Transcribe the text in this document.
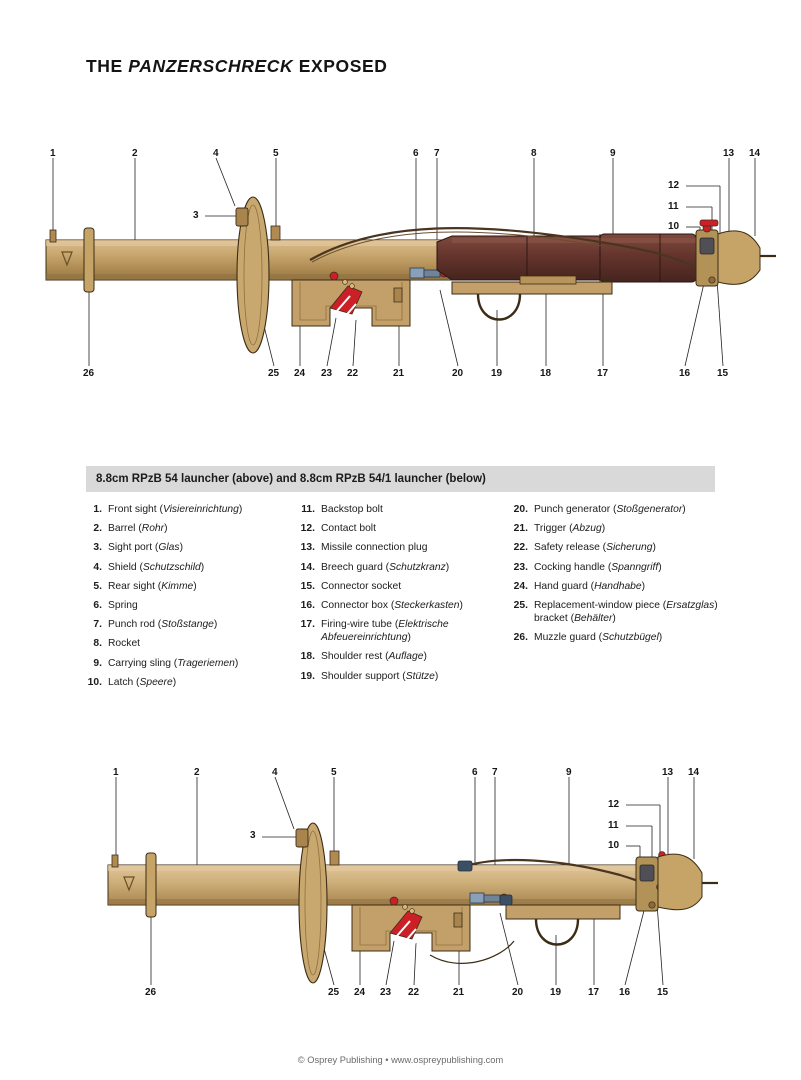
THE PANZERSCHRECK EXPOSED
1	2	4	5	6 7	8	9	13 14
3
12
11
10
26	25 24 23 22	21	20	19	18	17	16	15
8.8cm RPzB 54 launcher (above) and 8.8cm RPzB 54/1 launcher (below)
1. Front sight (Visiereinrichtung)
2. Barrel (Rohr)
3. Sight port (Glas)
4. Shield (Schutzschild)
5. Rear sight (Kimme)
6. Spring
7. Punch rod (Stoßstange)
8. Rocket
9. Carrying sling (Trageriemen)
10. Latch (Speere)
11. Backstop bolt
12. Contact bolt
13. Missile connection plug
14. Breech guard (Schutzkranz)
15. Connector socket
16. Connector box (Steckerkasten)
17. Firing-wire tube (Elektrische Abfeuereinrichtung)
18. Shoulder rest (Auflage)
19. Shoulder support (Stütze)
20. Punch generator (Stoßgenerator)
21. Trigger (Abzug)
22. Safety release (Sicherung)
23. Cocking handle (Spanngriff)
24. Hand guard (Handhabe)
25. Replacement-window piece (Ersatzglas) bracket (Behälter)
26. Muzzle guard (Schutzbügel)
1	2	4	5	6 7	9	13 14
3
12
11
10
26	25 24 23 22	21	20	19	17 16	15
© Osprey Publishing • www.ospreypublishing.com
